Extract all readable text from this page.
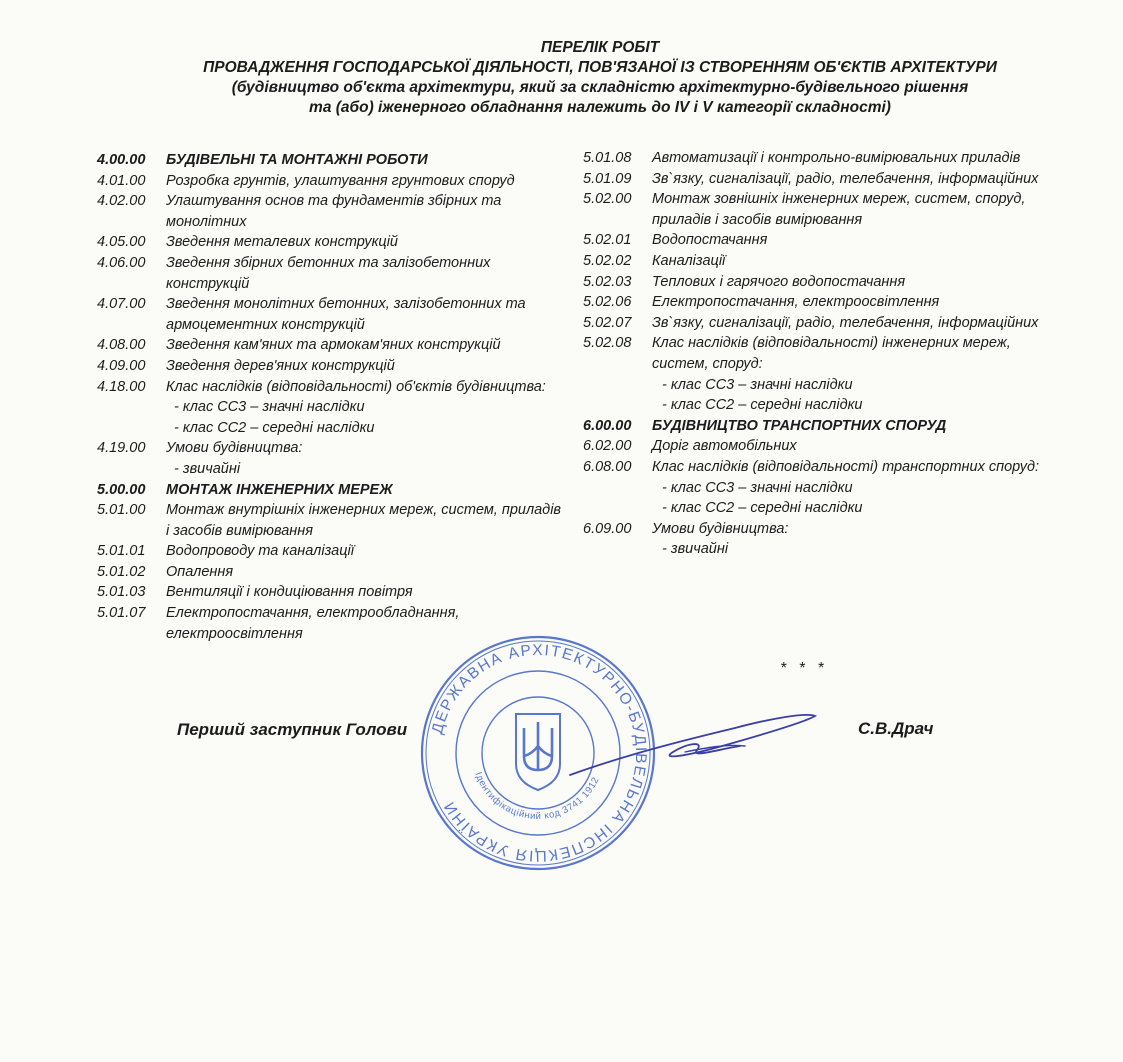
ПЕРЕЛІК РОБІТ
ПРОВАДЖЕННЯ ГОСПОДАРСЬКОЇ ДІЯЛЬНОСТІ, ПОВ'ЯЗАНОЇ ІЗ СТВОРЕННЯМ ОБ'ЄКТІВ АРХІТЕКТУРИ
(будівництво об'єкта архітектури, який за складністю архітектурно-будівельного рішення
та (або) іженерного обладнання належить до IV і V категорії складності)
4.00.00	БУДІВЕЛЬНІ ТА МОНТАЖНІ РОБОТИ
4.01.00	Розробка грунтів, улаштування грунтових споруд
4.02.00	Улаштування основ та фундаментів збірних та монолітних
4.05.00	Зведення металевих конструкцій
4.06.00	Зведення збірних бетонних та залізобетонних конструкцій
4.07.00	Зведення монолітних бетонних, залізобетонних та армоцементних конструкцій
4.08.00	Зведення кам'яних та армокам'яних конструкцій
4.09.00	Зведення дерев'яних конструкцій
4.18.00	Клас наслідків (відповідальності) об'єктів будівництва:
- клас СС3 – значні наслідки
- клас СС2 – середні наслідки
4.19.00	Умови будівництва:
- звичайні
5.00.00	МОНТАЖ ІНЖЕНЕРНИХ МЕРЕЖ
5.01.00	Монтаж внутрішніх інженерних мереж, систем, приладів і засобів вимірювання
5.01.01	Водопроводу та каналізації
5.01.02	Опалення
5.01.03	Вентиляції і кондиціювання повітря
5.01.07	Електропостачання, електрообладнання, електроосвітлення
5.01.08	Автоматизації і контрольно-вимірювальних приладів
5.01.09	Зв`язку, сигналізації, радіо, телебачення, інформаційних
5.02.00	Монтаж зовнішніх інженерних мереж, систем, споруд, приладів і засобів вимірювання
5.02.01	Водопостачання
5.02.02	Каналізації
5.02.03	Теплових і гарячого водопостачання
5.02.06	Електропостачання, електроосвітлення
5.02.07	Зв`язку, сигналізації, радіо, телебачення, інформаційних
5.02.08	Клас наслідків (відповідальності) інженерних мереж, систем, споруд:
- клас СС3 – значні наслідки
- клас СС2 – середні наслідки
6.00.00	БУДІВНИЦТВО ТРАНСПОРТНИХ СПОРУД
6.02.00	Доріг автомобільних
6.08.00	Клас наслідків (відповідальності) транспортних споруд:
- клас СС3 – значні наслідки
- клас СС2 – середні наслідки
6.09.00	Умови будівництва:
- звичайні
* * *
ДЕРЖАВНА АРХІТЕКТУРНО-БУДІВЕЛЬНА ІНСПЕКЦІЯ УКРАЇНИ
Ідентифікаційний код 3741 1912
Перший заступник Голови	С.В.Драч
